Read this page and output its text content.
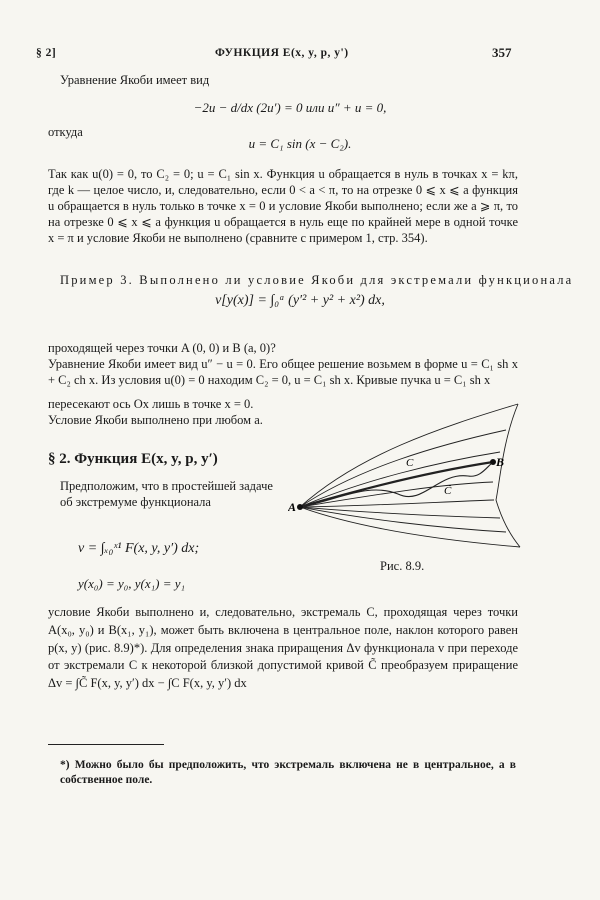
§ 2]	ФУНКЦИЯ E(x, y, p, y')	357

Уравнение Якоби имеет вид

−2u − d/dx (2u′) = 0 или u″ + u = 0,

откуда

u = C₁ sin (x − C₂).

Так как u(0) = 0, то C₂ = 0; u = C₁ sin x. Функция u обращается в нуль в точках x = kπ, где k — целое число, и, следовательно, если 0 < a < π, то на отрезке 0 ⩽ x ⩽ a функция u обращается в нуль только в точке x = 0 и условие Якоби выполнено; если же a ⩾ π, то на отрезке 0 ⩽ x ⩽ a функция u обращается в нуль еще по крайней мере в одной точке x = π и условие Якоби не выполнено (сравните с примером 1, стр. 354).

Пример 3. Выполнено ли условие Якоби для экстремали функционала

v[y(x)] = ∫₀ᵃ (y′² + y² + x²) dx,

проходящей через точки A (0, 0) и B (a, 0)?

Уравнение Якоби имеет вид u″ − u = 0. Его общее решение возьмем в форме u = C₁ sh x + C₂ ch x. Из условия u(0) = 0 находим C₂ = 0, u = C₁ sh x. Кривые пучка u = C₁ sh x

пересекают ось Ox лишь в точке x = 0. Условие Якоби выполнено при любом a.

§ 2. Функция E(x, y, p, y′)

Предположим, что в простейшей задаче об экстремуме функционала

v = ∫ₓ₀ˣ¹ F(x, y, y′) dx;
y(x₀) = y₀, y(x₁) = y₁
A
B
C
C̃
Рис. 8.9.

условие Якоби выполнено и, следовательно, экстремаль C, проходящая через точки A(x₀, y₀) и B(x₁, y₁), может быть включена в центральное поле, наклон которого равен p(x, y) (рис. 8.9)*). Для определения знака приращения Δv функционала v при переходе от экстремали C к некоторой близкой допустимой кривой C̃ преобразуем приращение Δv = ∫C̃ F(x, y, y′) dx − ∫C F(x, y, y′) dx

*) Можно было бы предположить, что экстремаль включена не в центральное, а в собственное поле.
